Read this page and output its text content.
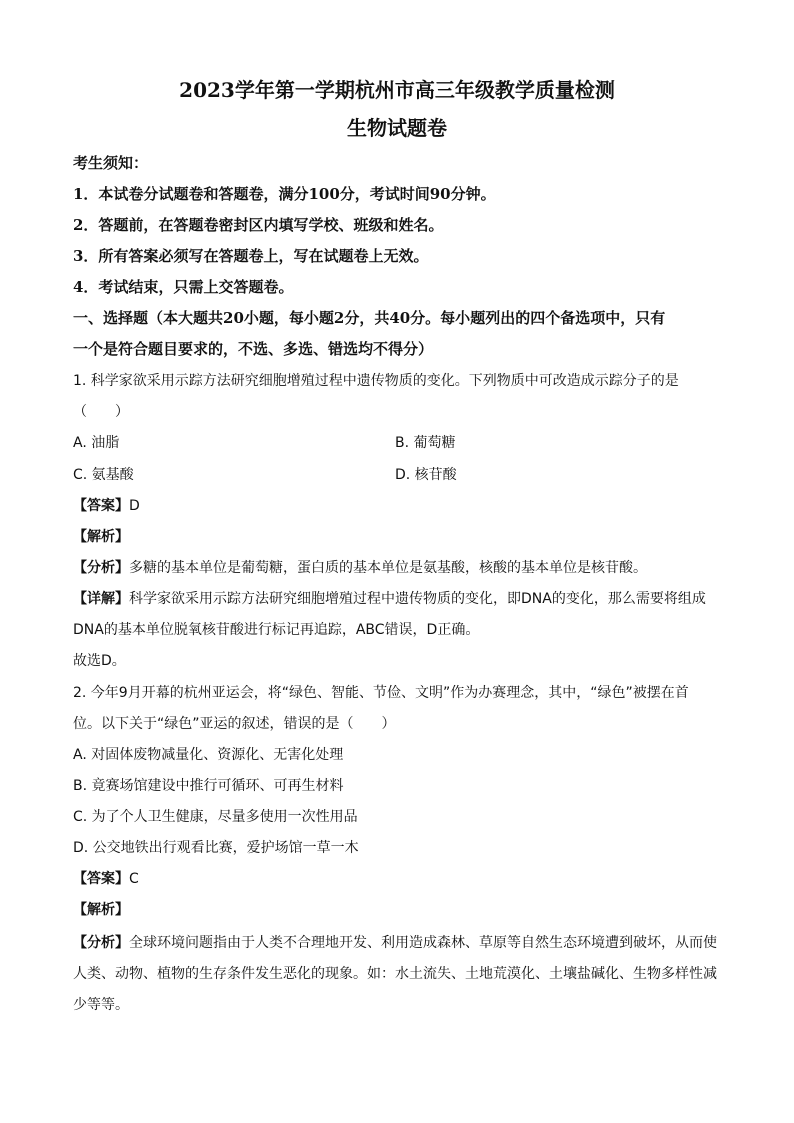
2023学年第一学期杭州市高三年级教学质量检测
生物试题卷
考生须知：
1．本试卷分试题卷和答题卷，满分100分，考试时间90分钟。
2．答题前，在答题卷密封区内填写学校、班级和姓名。
3．所有答案必须写在答题卷上，写在试题卷上无效。
4．考试结束，只需上交答题卷。
一、选择题（本大题共20小题，每小题2分，共40分。每小题列出的四个备选项中，只有
一个是符合题目要求的，不选、多选、错选均不得分）
1. 科学家欲采用示踪方法研究细胞增殖过程中遗传物质的变化。下列物质中可改造成示踪分子的是
（　　）
A. 油脂	B. 葡萄糖
C. 氨基酸	D. 核苷酸
【答案】D
【解析】
【分析】多糖的基本单位是葡萄糖，蛋白质的基本单位是氨基酸，核酸的基本单位是核苷酸。
【详解】科学家欲采用示踪方法研究细胞增殖过程中遗传物质的变化，即DNA的变化，那么需要将组成
DNA的基本单位脱氧核苷酸进行标记再追踪，ABC错误，D正确。
故选D。
2. 今年9月开幕的杭州亚运会，将“绿色、智能、节俭、文明”作为办赛理念，其中，“绿色”被摆在首
位。以下关于“绿色”亚运的叙述，错误的是（　　）
A. 对固体废物减量化、资源化、无害化处理
B. 竟赛场馆建设中推行可循环、可再生材料
C. 为了个人卫生健康，尽量多使用一次性用品
D. 公交地铁出行观看比赛，爱护场馆一草一木
【答案】C
【解析】
【分析】全球环境问题指由于人类不合理地开发、利用造成森林、草原等自然生态环境遭到破坏，从而使
人类、动物、植物的生存条件发生恶化的现象。如：水土流失、土地荒漠化、土壤盐碱化、生物多样性减
少等等。
